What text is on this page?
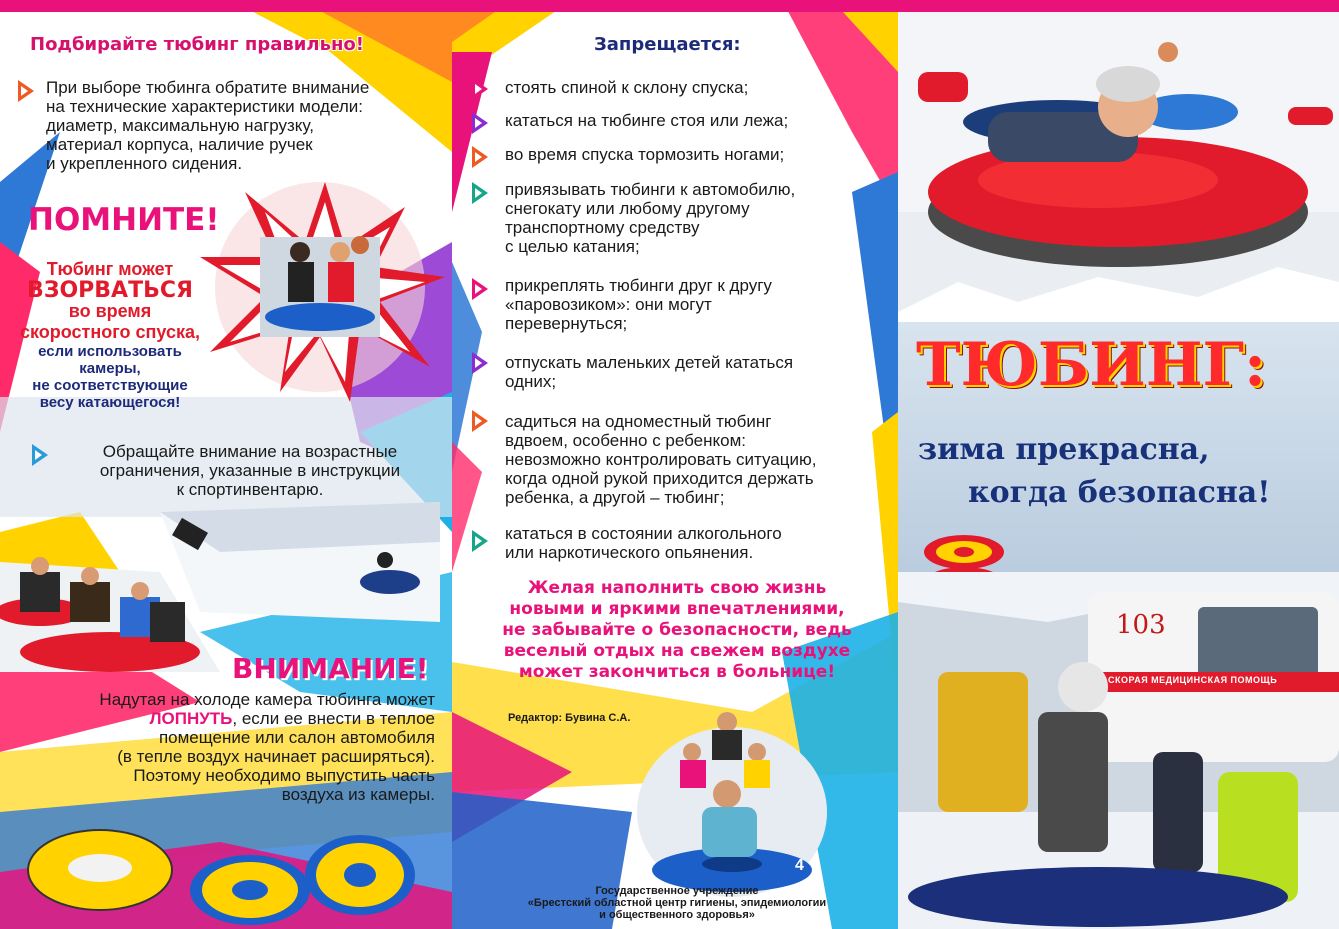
Подбирайте тюбинг правильно!
При выборе тюбинга обратите внимание
на технические характеристики модели:
диаметр, максимальную нагрузку,
материал корпуса, наличие ручек
и укрепленного сидения.
ПОМНИТЕ!
Тюбинг может
ВЗОРВАТЬСЯ
во время
скоростного спуска,
если использовать
камеры,
не соответствующие
весу катающегося!
Обращайте внимание на возрастные
ограничения, указанные в инструкции
к спортинвентарю.
ВНИМАНИЕ!
Надутая на холоде камера тюбинга может
ЛОПНУТЬ, если ее внести в теплое
помещение или салон автомобиля
(в тепле воздух начинает расширяться).
Поэтому необходимо выпустить часть
воздуха из камеры.
Запрещается:
стоять спиной к склону спуска;
кататься на тюбинге стоя или лежа;
во время спуска тормозить ногами;
привязывать тюбинги к автомобилю,
снегокату или любому другому
транспортному средству
с целью катания;
прикреплять тюбинги друг к другу
«паровозиком»: они могут
перевернуться;
отпускать маленьких детей кататься
одних;
садиться на одноместный тюбинг
вдвоем, особенно с ребенком:
невозможно контролировать ситуацию,
когда одной рукой приходится держать
ребенка, а другой – тюбинг;
кататься в состоянии алкогольного
или наркотического опьянения.
Желая наполнить свою жизнь
новыми и яркими впечатлениями,
не забывайте о безопасности, ведь
веселый отдых на свежем воздухе
может закончиться в больнице!
Редактор: Бувина С.А.
Государственное учреждение
«Брестский областной центр гигиены, эпидемиологии
и общественного здоровья»
ТЮБИНГ:
зима прекрасна,
когда безопасна!
103
СКОРАЯ МЕДИЦИНСКАЯ ПОМОЩЬ
4
